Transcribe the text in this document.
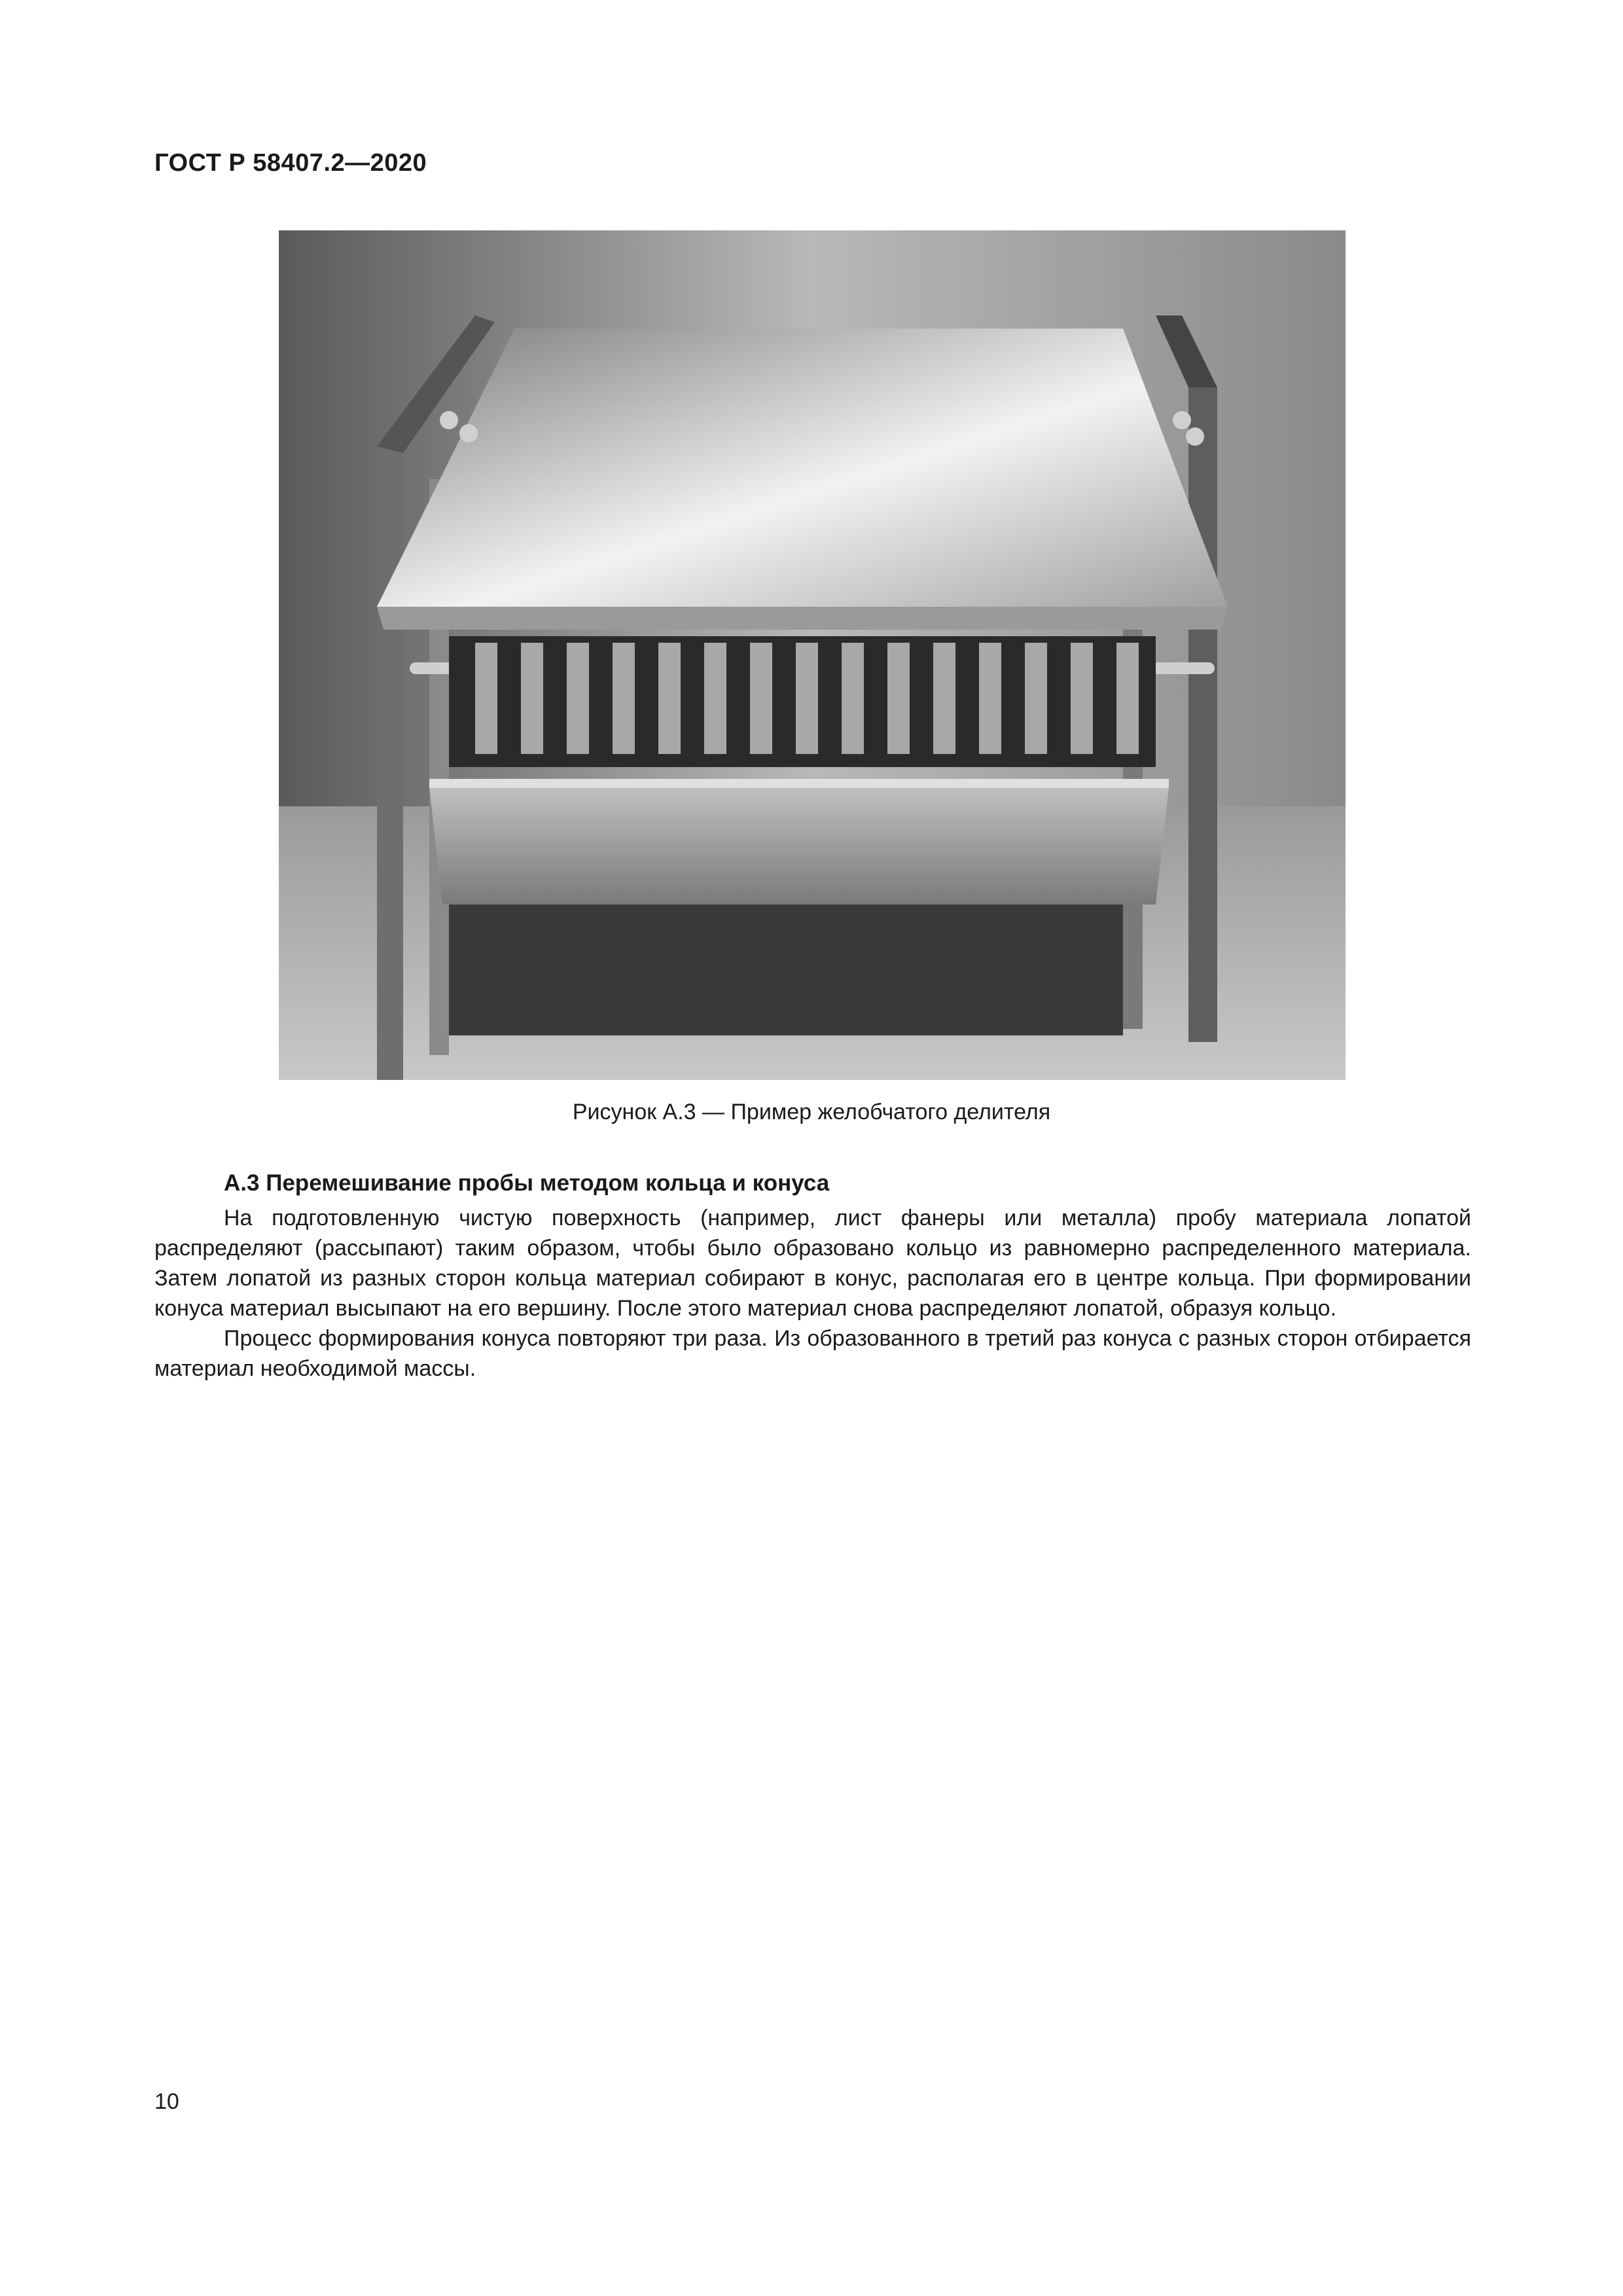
ГОСТ Р 58407.2—2020
Рисунок А.3 — Пример желобчатого делителя
А.3 Перемешивание пробы методом кольца и конуса

На подготовленную чистую поверхность (например, лист фанеры или металла) пробу материала лопатой распределяют (рассыпают) таким образом, чтобы было образовано кольцо из равномерно распределенного материала. Затем лопатой из разных сторон кольца материал собирают в конус, располагая его в центре кольца. При формировании конуса материал высыпают на его вершину. После этого материал снова распределяют лопатой, образуя кольцо.

Процесс формирования конуса повторяют три раза. Из образованного в третий раз конуса с разных сторон отбирается материал необходимой массы.

10
